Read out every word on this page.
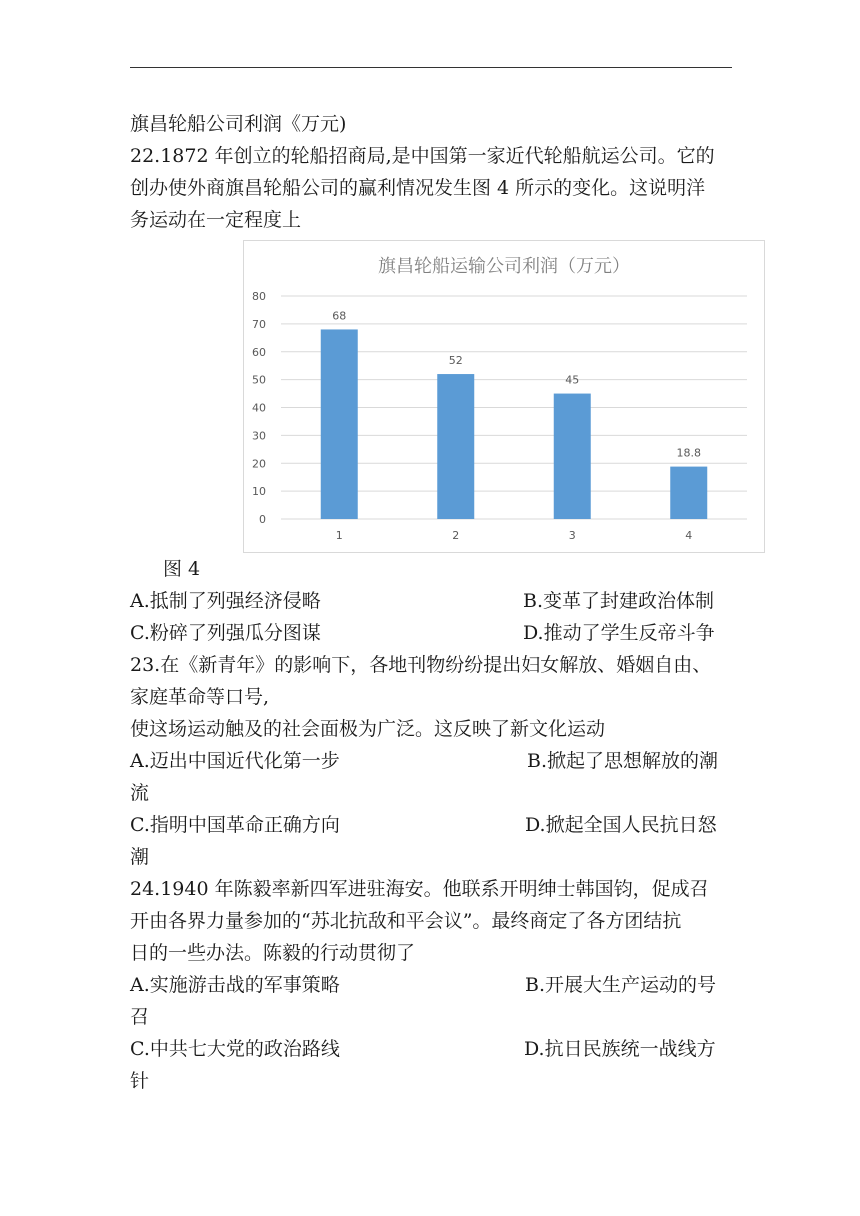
旗昌轮船公司利润《万元)
22.1872 年创立的轮船招商局,是中国第一家近代轮船航运公司。它的
创办使外商旗昌轮船公司的赢利情况发生图 4 所示的变化。这说明洋
务运动在一定程度上
旗昌轮船运输公司利润（万元）
0
10
20
30
40
50
60
70
80
68
52
45
18.8
1	2	3	4
图 4
A.抵制了列强经济侵略	B.变革了封建政治体制
C.粉碎了列强瓜分图谋	D.推动了学生反帝斗争
23.在《新青年》的影响下，各地刊物纷纷提出妇女解放、婚姻自由、
家庭革命等口号,
使这场运动触及的社会面极为广泛。这反映了新文化运动
A.迈出中国近代化第一步	B.掀起了思想解放的潮
流
C.指明中国革命正确方向	D.掀起全国人民抗日怒
潮
24.1940 年陈毅率新四军进驻海安。他联系开明绅士韩国钧，促成召
开由各界力量参加的“苏北抗敌和平会议”。最终商定了各方团结抗
日的一些办法。陈毅的行动贯彻了
A.实施游击战的军事策略	B.开展大生产运动的号
召
C.中共七大党的政治路线	D.抗日民族统一战线方
针
